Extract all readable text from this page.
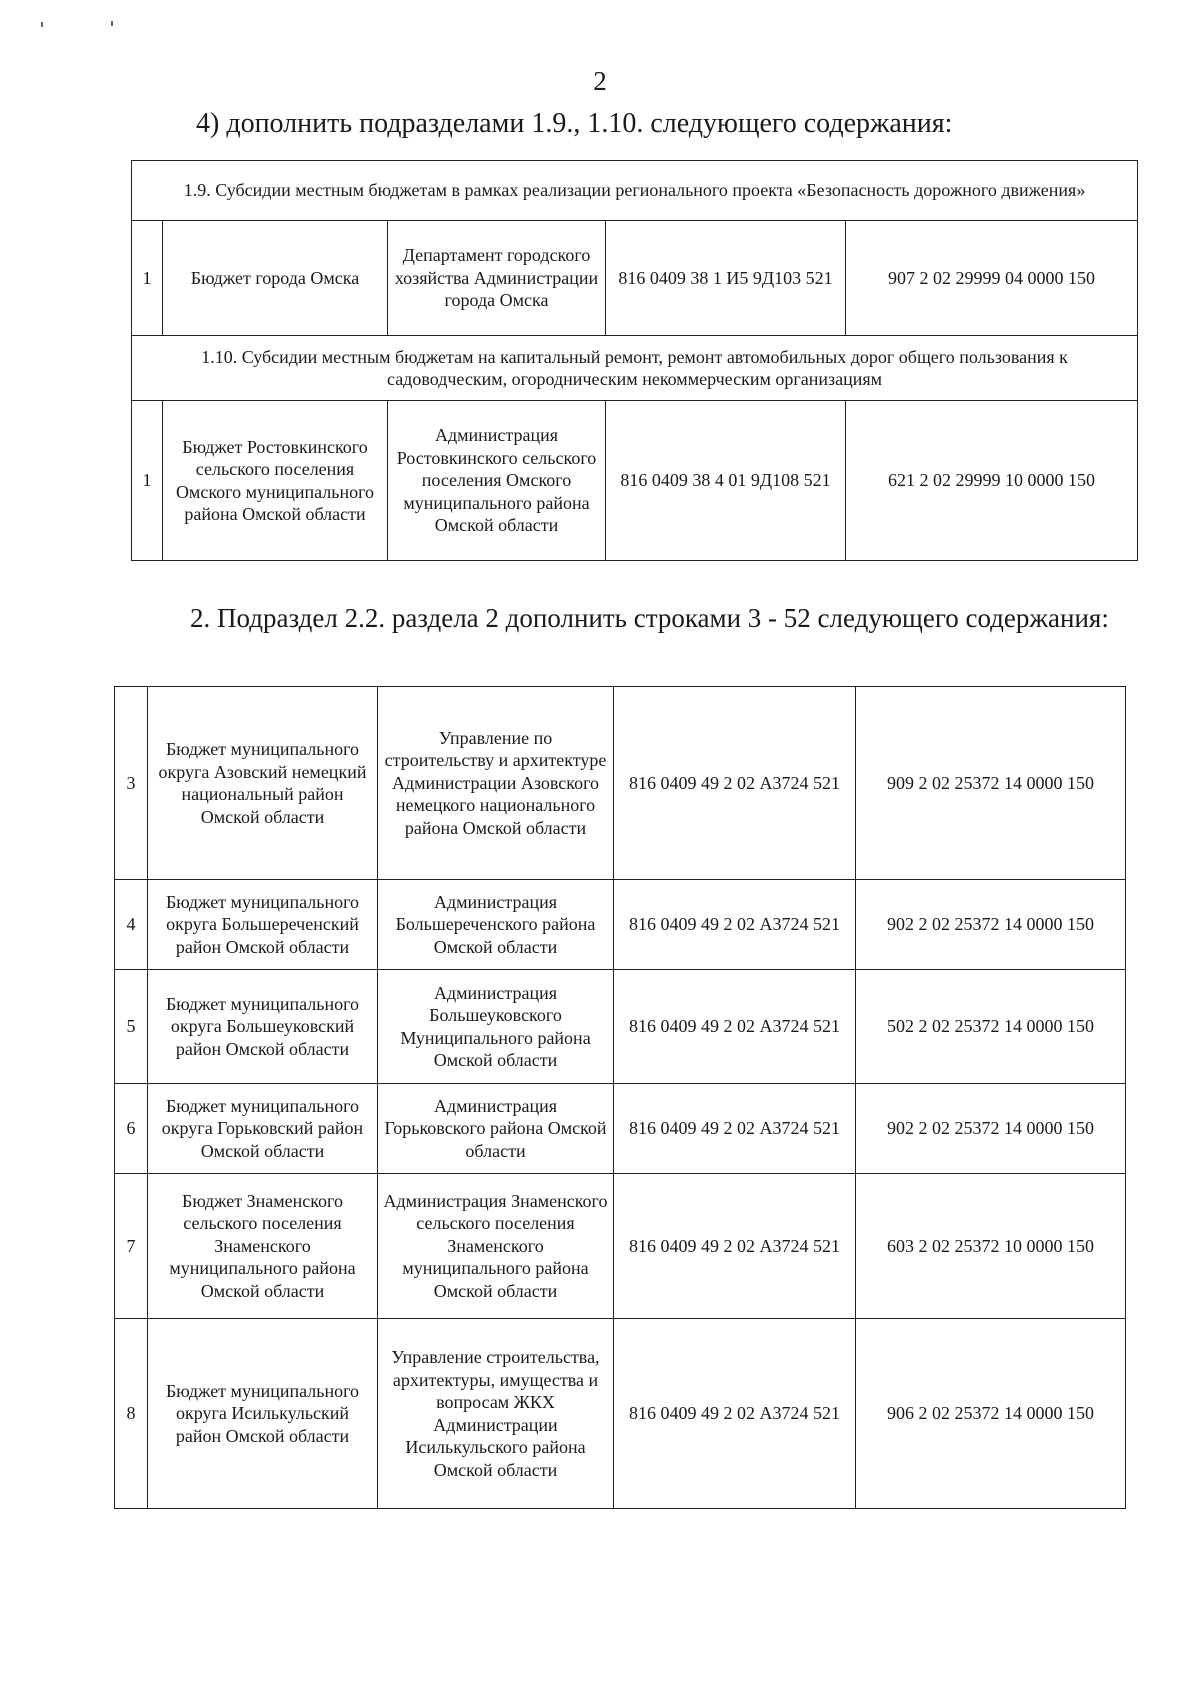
2
4) дополнить подразделами 1.9., 1.10. следующего содержания:
1.9. Субсидии местным бюджетам в рамках реализации регионального проекта «Безопасность дорожного движения»				
1	Бюджет города Омска	Департамент городского хозяйства Администрации города Омска	816 0409 38 1 И5 9Д103 521	907 2 02 29999 04 0000 150
1.10. Субсидии местным бюджетам на капитальный ремонт, ремонт автомобильных дорог общего пользования к садоводческим, огородническим некоммерческим организациям				
1	Бюджет Ростовкинского сельского поселения Омского муниципального района Омской области	Администрация Ростовкинского сельского поселения Омского муниципального района Омской области	816 0409 38 4 01 9Д108 521	621 2 02 29999 10 0000 150
2. Подраздел 2.2. раздела 2 дополнить строками 3 - 52 следующего содержания:
3	Бюджет муниципального округа Азовский немецкий национальный район Омской области	Управление по строительству и архитектуре Администрации Азовского немецкого национального района Омской области	816 0409 49 2 02 А3724 521	909 2 02 25372 14 0000 150
4	Бюджет муниципального округа Большереченский район Омской области	Администрация Большереченского района Омской области	816 0409 49 2 02 А3724 521	902 2 02 25372 14 0000 150
5	Бюджет муниципального округа Большеуковский район Омской области	Администрация Большеуковского Муниципального района Омской области	816 0409 49 2 02 А3724 521	502 2 02 25372 14 0000 150
6	Бюджет муниципального округа Горьковский район Омской области	Администрация Горьковского района Омской области	816 0409 49 2 02 А3724 521	902 2 02 25372 14 0000 150
7	Бюджет Знаменского сельского поселения Знаменского муниципального района Омской области	Администрация Знаменского сельского поселения Знаменского муниципального района Омской области	816 0409 49 2 02 А3724 521	603 2 02 25372 10 0000 150
8	Бюджет муниципального округа Исилькульский район Омской области	Управление строительства, архитектуры, имущества и вопросам ЖКХ Администрации Исилькульского района Омской области	816 0409 49 2 02 А3724 521	906 2 02 25372 14 0000 150
